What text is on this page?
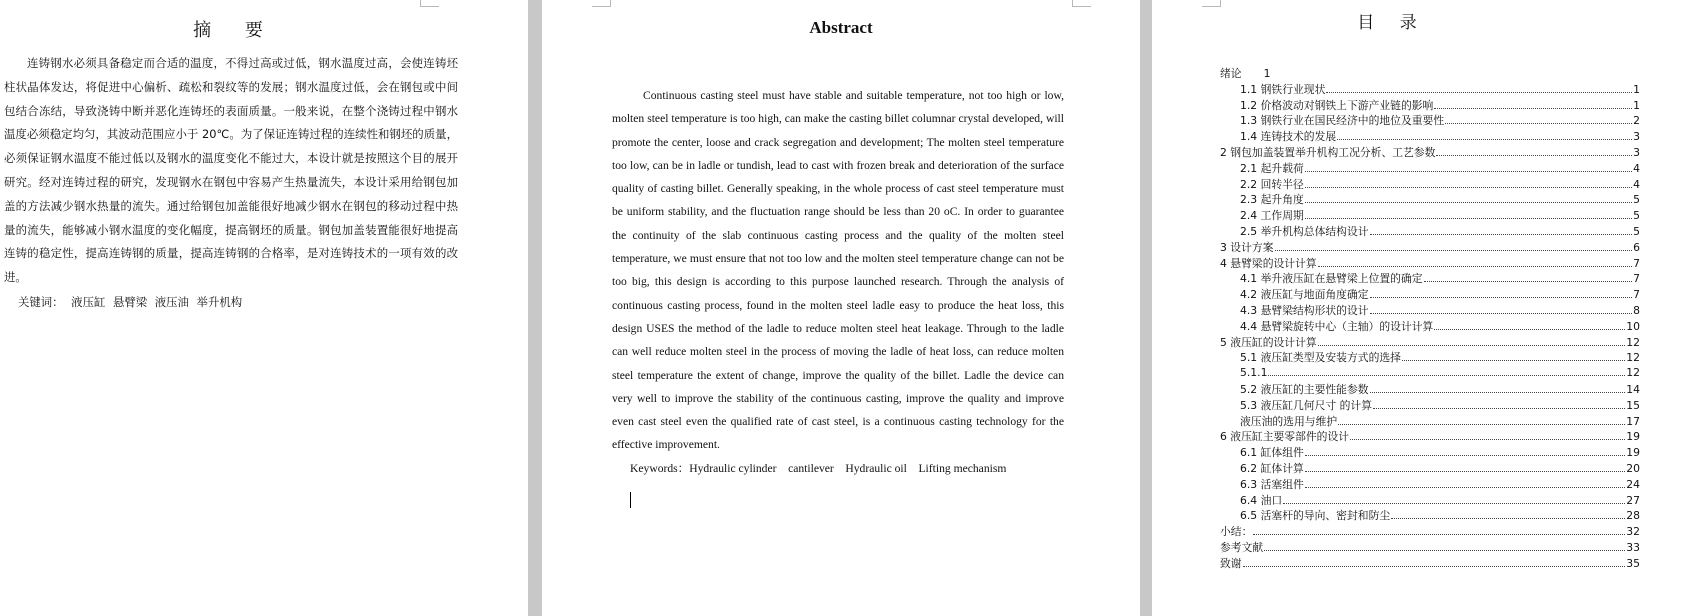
摘 要

连铸钢水必须具备稳定而合适的温度，不得过高或过低，钢水温度过高，会使连铸坯柱状晶体发达，将促进中心偏析、疏松和裂纹等的发展；钢水温度过低，会在钢包或中间包结合冻结，导致浇铸中断并恶化连铸坯的表面质量。一般来说，在整个浇铸过程中钢水温度必须稳定均匀，其波动范围应小于 20℃。为了保证连铸过程的连续性和钢坯的质量，必须保证钢水温度不能过低以及钢水的温度变化不能过大，本设计就是按照这个目的展开研究。经对连铸过程的研究，发现钢水在钢包中容易产生热量流失，本设计采用给钢包加盖的方法减少钢水热量的流失。通过给钢包加盖能很好地减少钢水在钢包的移动过程中热量的流失，能够减小钢水温度的变化幅度，提高钢坯的质量。钢包加盖装置能很好地提高连铸的稳定性，提高连铸钢的质量，提高连铸钢的合格率，是对连铸技术的一项有效的改进。

关键词： 液压缸 悬臂梁 液压油 举升机构
Abstract

Continuous casting steel must have stable and suitable temperature, not too high or low, molten steel temperature is too high, can make the casting billet columnar crystal developed, will promote the center, loose and crack segregation and development; The molten steel temperature too low, can be in ladle or tundish, lead to cast with frozen break and deterioration of the surface quality of casting billet. Generally speaking, in the whole process of cast steel temperature must be uniform stability, and the fluctuation range should be less than 20 oC. In order to guarantee the continuity of the slab continuous casting process and the quality of the molten steel temperature, we must ensure that not too low and the molten steel temperature change can not be too big, this design is according to this purpose launched research. Through the analysis of continuous casting process, found in the molten steel ladle easy to produce the heat loss, this design USES the method of the ladle to reduce molten steel heat leakage. Through to the ladle can well reduce molten steel in the process of moving the ladle of heat loss, can reduce molten steel temperature the extent of change, improve the quality of the billet. Ladle the device can very well to improve the stability of the continuous casting, improve the quality and improve even cast steel even the qualified rate of cast steel, is a continuous casting technology for the effective improvement.

Keywords：Hydraulic cylinder    cantilever    Hydraulic oil    Lifting mechanism
目 录
绪论 1
1.1 钢铁行业现状	1
1.2 价格波动对钢铁上下游产业链的影响	1
1.3 钢铁行业在国民经济中的地位及重要性	2
1.4 连铸技术的发展	3
2 钢包加盖装置举升机构工况分析、工艺参数	3
2.1 起升载荷	4
2.2 回转半径	4
2.3 起升角度	5
2.4 工作周期	5
2.5 举升机构总体结构设计	5
3 设计方案	6
4 悬臂梁的设计计算	7
4.1 举升液压缸在悬臂梁上位置的确定	7
4.2 液压缸与地面角度确定	7
4.3 悬臂梁结构形状的设计	8
4.4 悬臂梁旋转中心（主轴）的设计计算	10
5 液压缸的设计计算	12
5.1 液压缸类型及安装方式的选择	12
5.1.1	12
5.2 液压缸的主要性能参数	14
5.3 液压缸几何尺寸 的计算	15
液压油的选用与维护	17
6 液压缸主要零部件的设计	19
6.1 缸体组件	19
6.2 缸体计算	20
6.3 活塞组件	24
6.4 油口	27
6.5 活塞杆的导向、密封和防尘	28
小结：	32
参考文献	33
致谢	35
